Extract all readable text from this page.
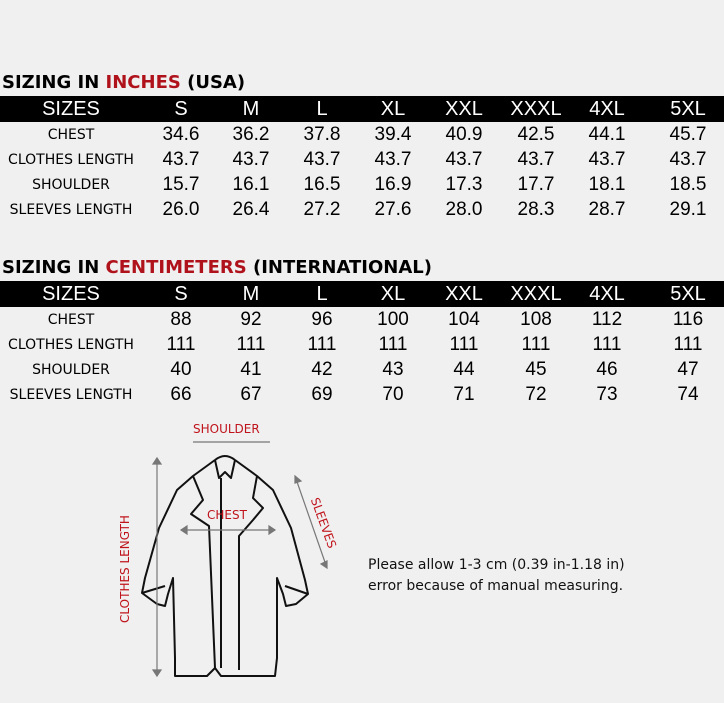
SIZING IN INCHES (USA)
SIZES	S	M	L	XL	XXL	XXXL	4XL	5XL
CHEST	34.6	36.2	37.8	39.4	40.9	42.5	44.1	45.7
CLOTHES LENGTH	43.7	43.7	43.7	43.7	43.7	43.7	43.7	43.7
SHOULDER	15.7	16.1	16.5	16.9	17.3	17.7	18.1	18.5
SLEEVES LENGTH	26.0	26.4	27.2	27.6	28.0	28.3	28.7	29.1
SIZING IN CENTIMETERS (INTERNATIONAL)
SIZES	S	M	L	XL	XXL	XXXL	4XL	5XL
CHEST	88	92	96	100	104	108	112	116
CLOTHES LENGTH	111	111	111	111	111	111	111	111
SHOULDER	40	41	42	43	44	45	46	47
SLEEVES LENGTH	66	67	69	70	71	72	73	74
SHOULDER
CHEST	SLEEVES
CLOTHES LENGTH	Please allow 1-3 cm (0.39 in-1.18 in)
error because of manual measuring.
